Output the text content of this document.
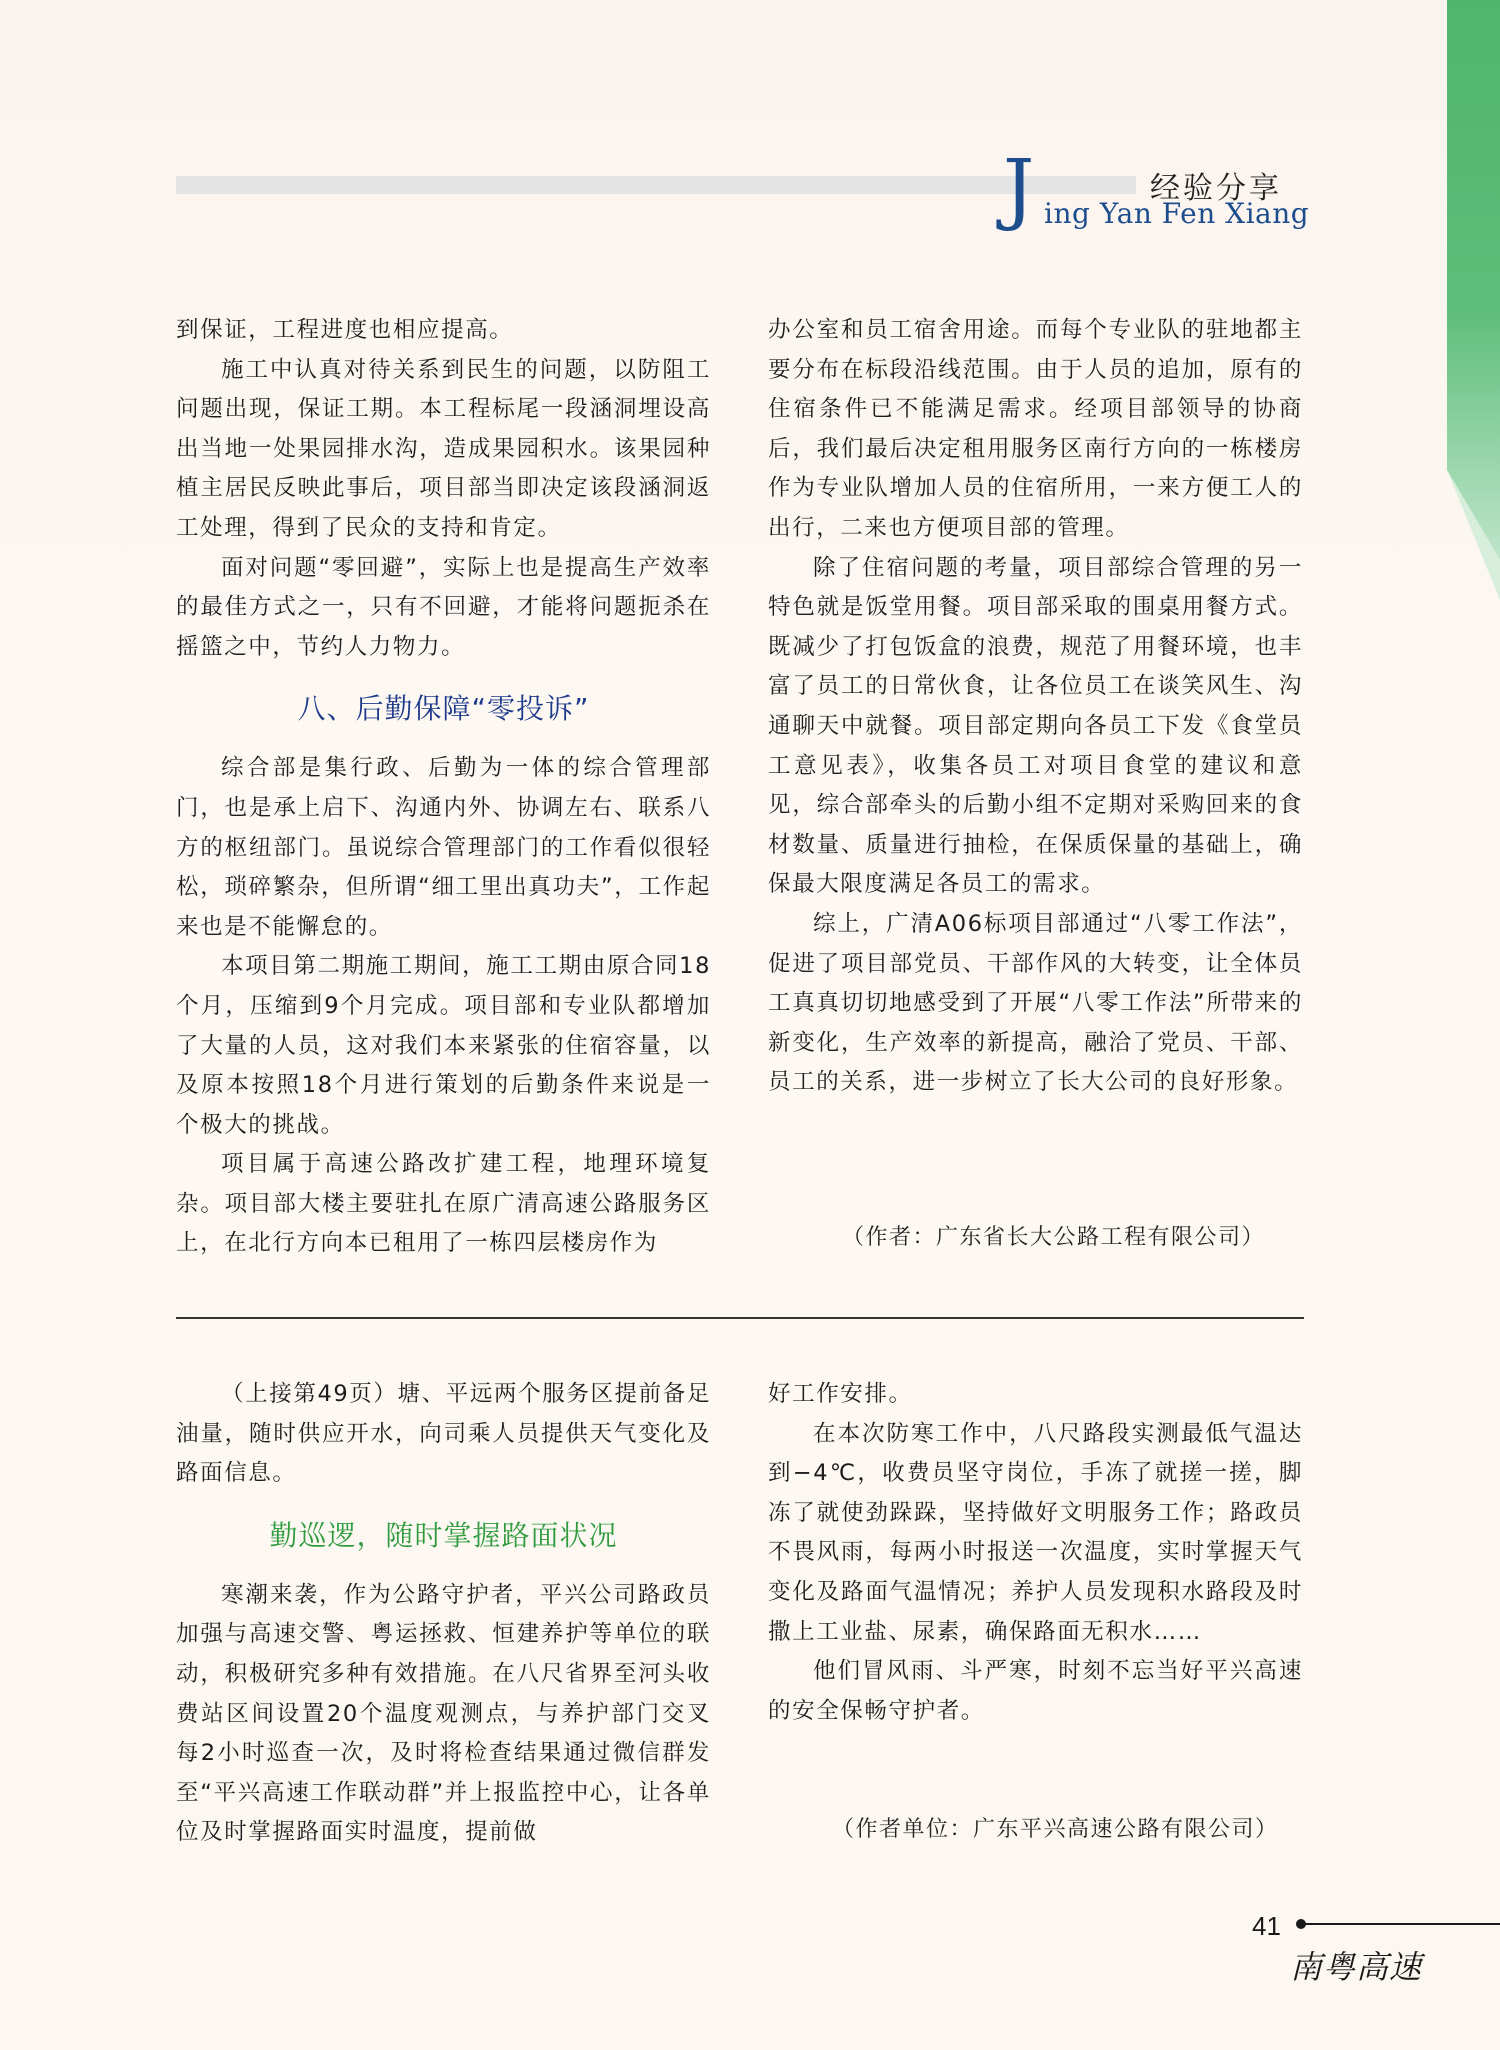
经验分享
J ing Yan Fen Xiang

到保证，工程进度也相应提高。

施工中认真对待关系到民生的问题，以防阻工问题出现，保证工期。本工程标尾一段涵洞埋设高出当地一处果园排水沟，造成果园积水。该果园种植主居民反映此事后，项目部当即决定该段涵洞返工处理，得到了民众的支持和肯定。

面对问题“零回避”，实际上也是提高生产效率的最佳方式之一，只有不回避，才能将问题扼杀在摇篮之中，节约人力物力。

八、后勤保障“零投诉”

综合部是集行政、后勤为一体的综合管理部门，也是承上启下、沟通内外、协调左右、联系八方的枢纽部门。虽说综合管理部门的工作看似很轻松，琐碎繁杂，但所谓“细工里出真功夫”，工作起来也是不能懈怠的。

本项目第二期施工期间，施工工期由原合同18个月，压缩到9个月完成。项目部和专业队都增加了大量的人员，这对我们本来紧张的住宿容量，以及原本按照18个月进行策划的后勤条件来说是一个极大的挑战。

项目属于高速公路改扩建工程，地理环境复杂。项目部大楼主要驻扎在原广清高速公路服务区上，在北行方向本已租用了一栋四层楼房作为

办公室和员工宿舍用途。而每个专业队的驻地都主要分布在标段沿线范围。由于人员的追加，原有的住宿条件已不能满足需求。经项目部领导的协商后，我们最后决定租用服务区南行方向的一栋楼房作为专业队增加人员的住宿所用，一来方便工人的出行，二来也方便项目部的管理。

除了住宿问题的考量，项目部综合管理的另一特色就是饭堂用餐。项目部采取的围桌用餐方式。既减少了打包饭盒的浪费，规范了用餐环境，也丰富了员工的日常伙食，让各位员工在谈笑风生、沟通聊天中就餐。项目部定期向各员工下发《食堂员工意见表》，收集各员工对项目食堂的建议和意见，综合部牵头的后勤小组不定期对采购回来的食材数量、质量进行抽检，在保质保量的基础上，确保最大限度满足各员工的需求。

综上，广清A06标项目部通过“八零工作法”，促进了项目部党员、干部作风的大转变，让全体员工真真切切地感受到了开展“八零工作法”所带来的新变化，生产效率的新提高，融洽了党员、干部、员工的关系，进一步树立了长大公司的良好形象。

（作者：广东省长大公路工程有限公司）

（上接第49页）塘、平远两个服务区提前备足油量，随时供应开水，向司乘人员提供天气变化及路面信息。

勤巡逻，随时掌握路面状况

寒潮来袭，作为公路守护者，平兴公司路政员加强与高速交警、粤运拯救、恒建养护等单位的联动，积极研究多种有效措施。在八尺省界至河头收费站区间设置20个温度观测点，与养护部门交叉每2小时巡查一次，及时将检查结果通过微信群发至“平兴高速工作联动群”并上报监控中心，让各单位及时掌握路面实时温度，提前做

好工作安排。

在本次防寒工作中，八尺路段实测最低气温达到−4℃，收费员坚守岗位，手冻了就搓一搓，脚冻了就使劲跺跺，坚持做好文明服务工作；路政员不畏风雨，每两小时报送一次温度，实时掌握天气变化及路面气温情况；养护人员发现积水路段及时撒上工业盐、尿素，确保路面无积水……

他们冒风雨、斗严寒，时刻不忘当好平兴高速的安全保畅守护者。

（作者单位：广东平兴高速公路有限公司）
41
南粤高速
